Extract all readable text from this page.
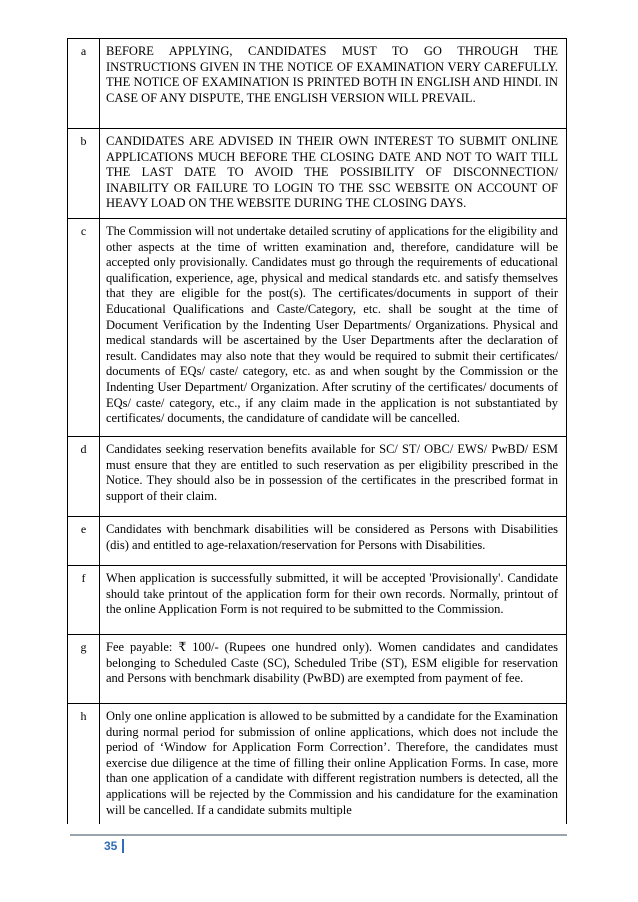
a	BEFORE APPLYING, CANDIDATES MUST TO GO THROUGH THE INSTRUCTIONS GIVEN IN THE NOTICE OF EXAMINATION VERY CAREFULLY. THE NOTICE OF EXAMINATION IS PRINTED BOTH IN ENGLISH AND HINDI. IN CASE OF ANY DISPUTE, THE ENGLISH VERSION WILL PREVAIL.
b	CANDIDATES ARE ADVISED IN THEIR OWN INTEREST TO SUBMIT ONLINE APPLICATIONS MUCH BEFORE THE CLOSING DATE AND NOT TO WAIT TILL THE LAST DATE TO AVOID THE POSSIBILITY OF DISCONNECTION/ INABILITY OR FAILURE TO LOGIN TO THE SSC WEBSITE ON ACCOUNT OF HEAVY LOAD ON THE WEBSITE DURING THE CLOSING DAYS.
c	The Commission will not undertake detailed scrutiny of applications for the eligibility and other aspects at the time of written examination and, therefore, candidature will be accepted only provisionally. Candidates must go through the requirements of educational qualification, experience, age, physical and medical standards etc. and satisfy themselves that they are eligible for the post(s). The certificates/documents in support of their Educational Qualifications and Caste/Category, etc. shall be sought at the time of Document Verification by the Indenting User Departments/ Organizations. Physical and medical standards will be ascertained by the User Departments after the declaration of result. Candidates may also note that they would be required to submit their certificates/ documents of EQs/ caste/ category, etc. as and when sought by the Commission or the Indenting User Department/ Organization. After scrutiny of the certificates/ documents of EQs/ caste/ category, etc., if any claim made in the application is not substantiated by certificates/ documents, the candidature of candidate will be cancelled.
d	Candidates seeking reservation benefits available for SC/ ST/ OBC/ EWS/ PwBD/ ESM must ensure that they are entitled to such reservation as per eligibility prescribed in the Notice. They should also be in possession of the certificates in the prescribed format in support of their claim.
e	Candidates with benchmark disabilities will be considered as Persons with Disabilities (dis) and entitled to age-relaxation/reservation for Persons with Disabilities.
f	When application is successfully submitted, it will be accepted 'Provisionally'. Candidate should take printout of the application form for their own records. Normally, printout of the online Application Form is not required to be submitted to the Commission.
g	Fee payable: ₹ 100/- (Rupees one hundred only). Women candidates and candidates belonging to Scheduled Caste (SC), Scheduled Tribe (ST), ESM eligible for reservation and Persons with benchmark disability (PwBD) are exempted from payment of fee.
h	Only one online application is allowed to be submitted by a candidate for the Examination during normal period for submission of online applications, which does not include the period of ‘Window for Application Form Correction’. Therefore, the candidates must exercise due diligence at the time of filling their online Application Forms. In case, more than one application of a candidate with different registration numbers is detected, all the applications will be rejected by the Commission and his candidature for the examination will be cancelled. If a candidate submits multiple
35
